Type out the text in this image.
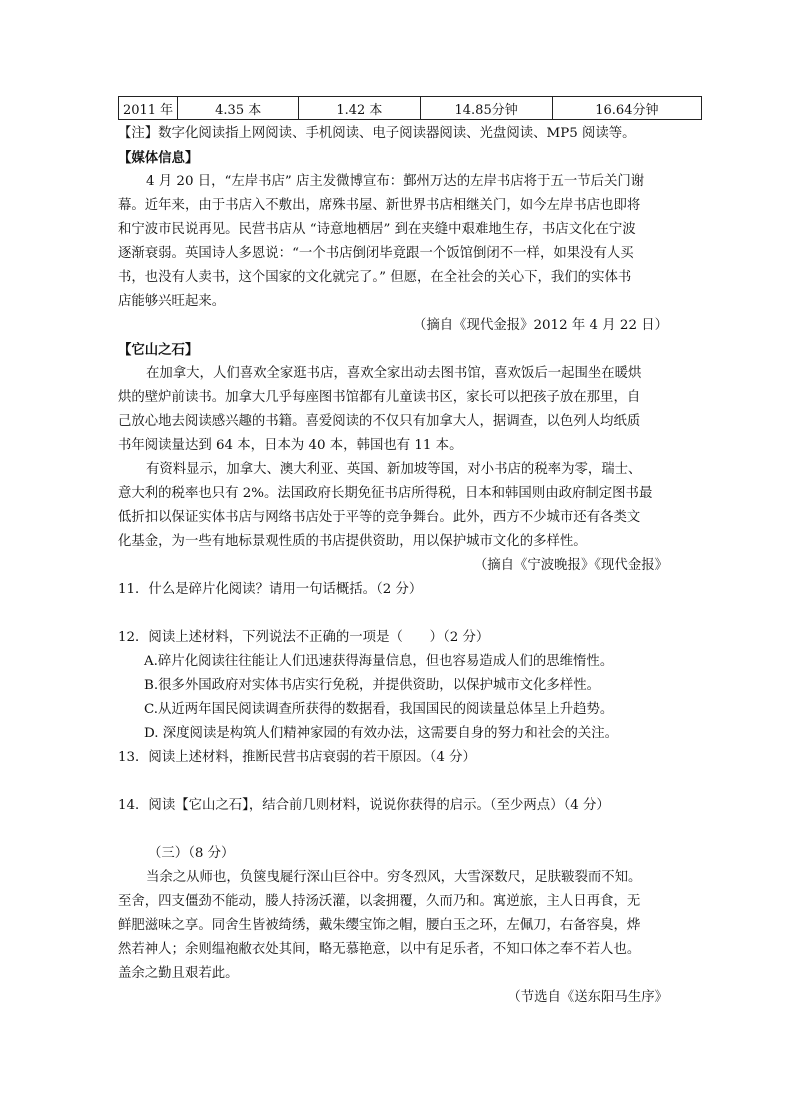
2011 年	4.35 本	1.42 本	14.85分钟	16.64分钟
【注】数字化阅读指上网阅读、手机阅读、电子阅读器阅读、光盘阅读、MP5 阅读等。
【媒体信息】
4 月 20 日，“左岸书店” 店主发微博宣布：鄞州万达的左岸书店将于五一节后关门谢
幕。近年来，由于书店入不敷出，席殊书屋、新世界书店相继关门，如今左岸书店也即将
和宁波市民说再见。民营书店从 “诗意地栖居” 到在夹缝中艰难地生存，书店文化在宁波
逐渐衰弱。英国诗人多恩说：“一个书店倒闭毕竟跟一个饭馆倒闭不一样，如果没有人买
书，也没有人卖书，这个国家的文化就完了。” 但愿，在全社会的关心下，我们的实体书
店能够兴旺起来。
（摘自《现代金报》2012 年 4 月 22 日）
【它山之石】
在加拿大，人们喜欢全家逛书店，喜欢全家出动去图书馆，喜欢饭后一起围坐在暖烘
烘的壁炉前读书。加拿大几乎每座图书馆都有儿童读书区，家长可以把孩子放在那里，自
己放心地去阅读感兴趣的书籍。喜爱阅读的不仅只有加拿大人，据调查，以色列人均纸质
书年阅读量达到 64 本，日本为 40 本，韩国也有 11 本。
有资料显示，加拿大、澳大利亚、英国、新加坡等国，对小书店的税率为零，瑞士、
意大利的税率也只有 2%。法国政府长期免征书店所得税，日本和韩国则由政府制定图书最
低折扣以保证实体书店与网络书店处于平等的竞争舞台。此外，西方不少城市还有各类文
化基金，为一些有地标景观性质的书店提供资助，用以保护城市文化的多样性。
（摘自《宁波晚报》《现代金报》
11．什么是碎片化阅读？请用一句话概括。（2 分）
12．阅读上述材料，下列说法不正确的一项是（　　）（2 分）
A.碎片化阅读往往能让人们迅速获得海量信息，但也容易造成人们的思维惰性。
B.很多外国政府对实体书店实行免税，并提供资助，以保护城市文化多样性。
C.从近两年国民阅读调查所获得的数据看，我国国民的阅读量总体呈上升趋势。
D. 深度阅读是构筑人们精神家园的有效办法，这需要自身的努力和社会的关注。
13．阅读上述材料，推断民营书店衰弱的若干原因。（4 分）
14．阅读【它山之石】，结合前几则材料，说说你获得的启示。（至少两点）（4 分）
（三）（8 分）
当余之从师也，负箧曳屣行深山巨谷中。穷冬烈风，大雪深数尺，足肤皲裂而不知。
至舍，四支僵劲不能动，媵人持汤沃灌，以衾拥覆，久而乃和。寓逆旅，主人日再食，无
鲜肥滋味之享。同舍生皆被绮绣，戴朱缨宝饰之帽，腰白玉之环，左佩刀，右备容臭，烨
然若神人；余则缊袍敝衣处其间，略无慕艳意，以中有足乐者，不知口体之奉不若人也。
盖余之勤且艰若此。
（节选自《送东阳马生序》
